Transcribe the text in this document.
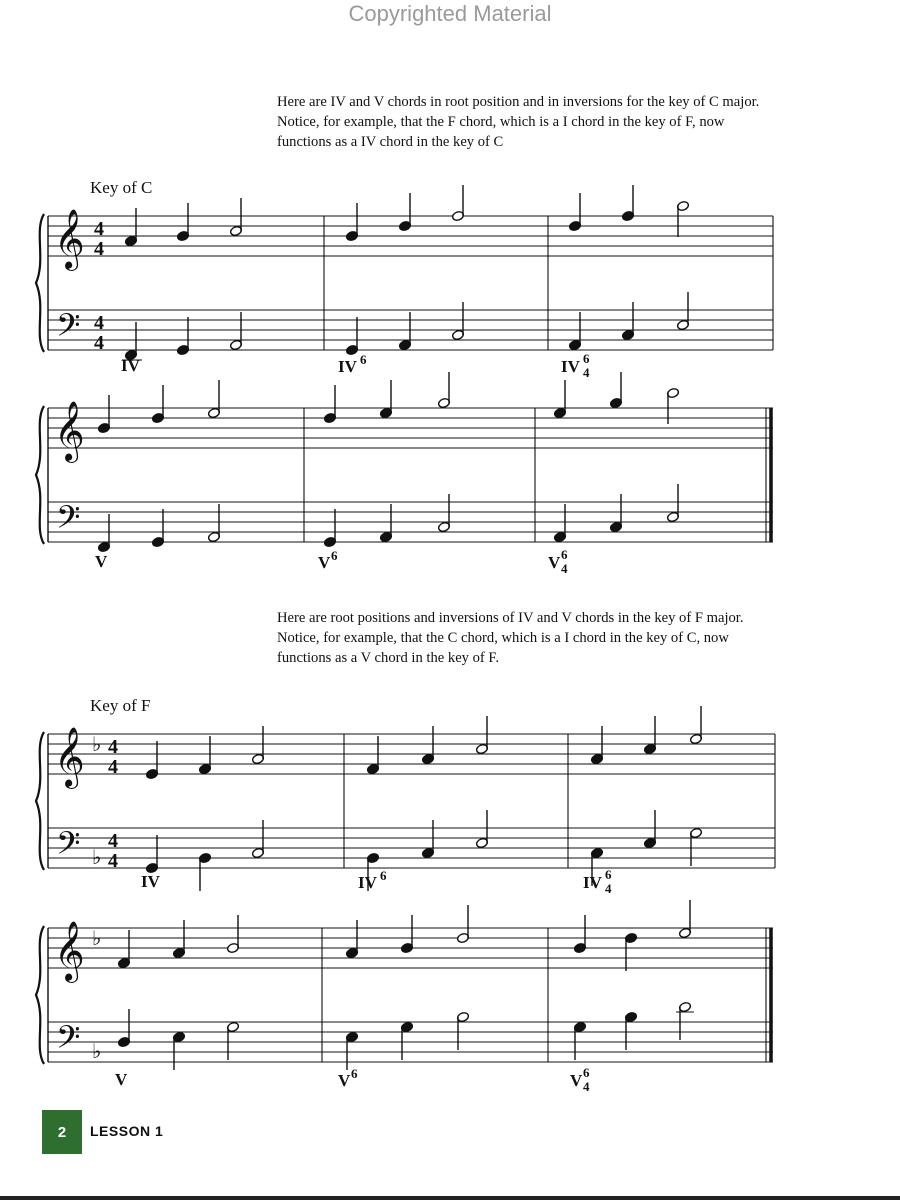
Copyrighted Material
Here are IV and V chords in root position and in inversions for the key of C major. Notice, for example, that the F chord, which is a I chord in the key of F, now functions as a IV chord in the key of C
Key of C
𝄞
𝄢
4
4
4
4
IV	IV 6	IV 6
4
𝄞
𝄢
V	V 6	V 6
4
Here are root positions and inversions of IV and V chords in the key of F major. Notice, for example, that the C chord, which is a I chord in the key of C, now functions as a V chord in the key of F.
Key of F
𝄞
𝄢
♭
♭
4
4
4
4
IV	IV 6	IV 6
4
𝄞
𝄢
♭
♭
V	V 6	V 6
4
2 LESSON 1
